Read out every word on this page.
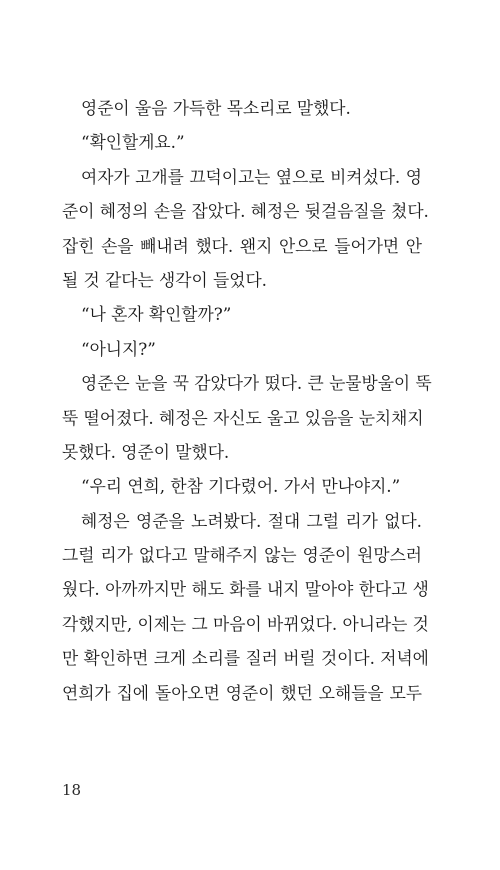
영준이 울음 가득한 목소리로 말했다.

“확인할게요.”

여자가 고개를 끄덕이고는 옆으로 비켜섰다. 영
준이 혜정의 손을 잡았다. 혜정은 뒷걸음질을 쳤다.
잡힌 손을 빼내려 했다. 왠지 안으로 들어가면 안
될 것 같다는 생각이 들었다.

“나 혼자 확인할까?”

“아니지?”

영준은 눈을 꾹 감았다가 떴다. 큰 눈물방울이 뚝
뚝 떨어졌다. 혜정은 자신도 울고 있음을 눈치채지
못했다. 영준이 말했다.

“우리 연희, 한참 기다렸어. 가서 만나야지.”

혜정은 영준을 노려봤다. 절대 그럴 리가 없다.
그럴 리가 없다고 말해주지 않는 영준이 원망스러
웠다. 아까까지만 해도 화를 내지 말아야 한다고 생
각했지만, 이제는 그 마음이 바뀌었다. 아니라는 것
만 확인하면 크게 소리를 질러 버릴 것이다. 저녁에
연희가 집에 돌아오면 영준이 했던 오해들을 모두

18
